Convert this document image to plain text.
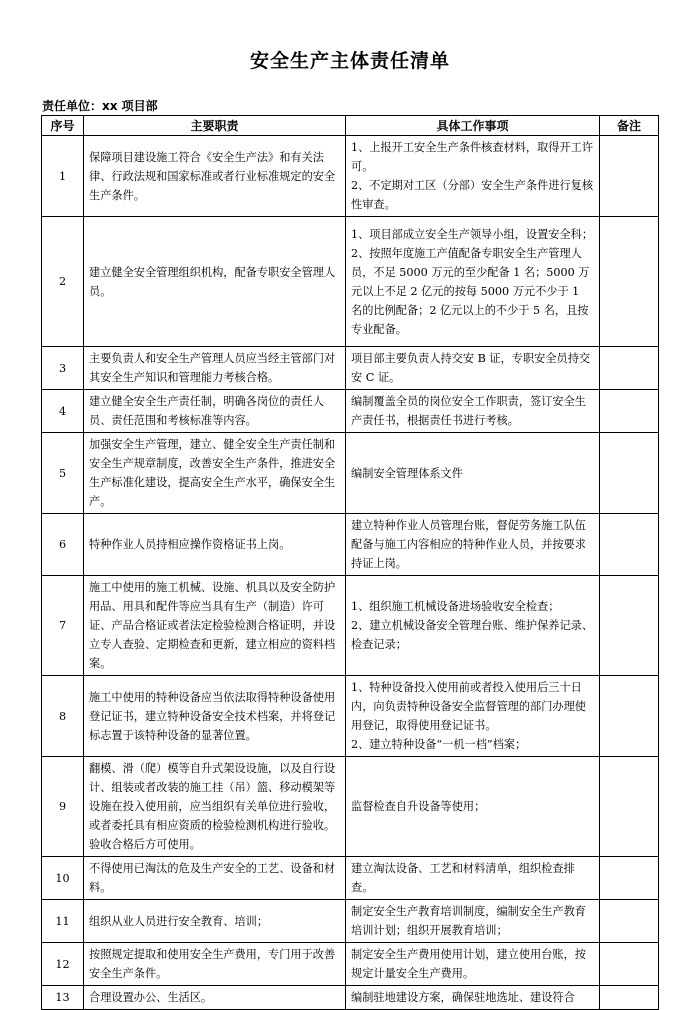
安全生产主体责任清单
责任单位：xx 项目部
序号	主要职责	具体工作事项	备注
1	保障项目建设施工符合《安全生产法》和有关法律、行政法规和国家标准或者行业标准规定的安全生产条件。	1、上报开工安全生产条件核查材料，取得开工许可。
2、不定期对工区（分部）安全生产条件进行复核性审查。	
2	建立健全安全管理组织机构，配备专职安全管理人员。	1、项目部成立安全生产领导小组，设置安全科；
2、按照年度施工产值配备专职安全生产管理人员，不足 5000 万元的至少配备 1 名；5000 万元以上不足 2 亿元的按每 5000 万元不少于 1 名的比例配备；2 亿元以上的不少于 5 名，且按专业配备。	
3	主要负责人和安全生产管理人员应当经主管部门对其安全生产知识和管理能力考核合格。	项目部主要负责人持交安 B 证，专职安全员持交安 C 证。	
4	建立健全安全生产责任制，明确各岗位的责任人员、责任范围和考核标准等内容。	编制覆盖全员的岗位安全工作职责，签订安全生产责任书，根据责任书进行考核。	
5	加强安全生产管理，建立、健全安全生产责任制和安全生产规章制度，改善安全生产条件，推进安全生产标准化建设，提高安全生产水平，确保安全生产。	编制安全管理体系文件	
6	特种作业人员持相应操作资格证书上岗。	建立特种作业人员管理台账，督促劳务施工队伍配备与施工内容相应的特种作业人员，并按要求持证上岗。	
7	施工中使用的施工机械、设施、机具以及安全防护用品、用具和配件等应当具有生产（制造）许可证、产品合格证或者法定检验检测合格证明，并设立专人查验、定期检查和更新，建立相应的资料档案。	1、组织施工机械设备进场验收安全检查；
2、建立机械设备安全管理台账、维护保养记录、检查记录；	
8	施工中使用的特种设备应当依法取得特种设备使用登记证书，建立特种设备安全技术档案，并将登记标志置于该特种设备的显著位置。	1、特种设备投入使用前或者投入使用后三十日内，向负责特种设备安全监督管理的部门办理使用登记，取得使用登记证书。
2、建立特种设备“一机一档”档案；	
9	翻模、滑（爬）模等自升式架设设施，以及自行设计、组装或者改装的施工挂（吊）篮、移动模架等设施在投入使用前，应当组织有关单位进行验收，或者委托具有相应资质的检验检测机构进行验收。验收合格后方可使用。	监督检查自升设备等使用；	
10	不得使用已淘汰的危及生产安全的工艺、设备和材料。	建立淘汰设备、工艺和材料清单，组织检查排查。	
11	组织从业人员进行安全教育、培训；	制定安全生产教育培训制度，编制安全生产教育培训计划；组织开展教育培训；	
12	按照规定提取和使用安全生产费用，专门用于改善安全生产条件。	制定安全生产费用使用计划，建立使用台账，按规定计量安全生产费用。	
13	合理设置办公、生活区。	编制驻地建设方案，确保驻地选址、建设符合	
